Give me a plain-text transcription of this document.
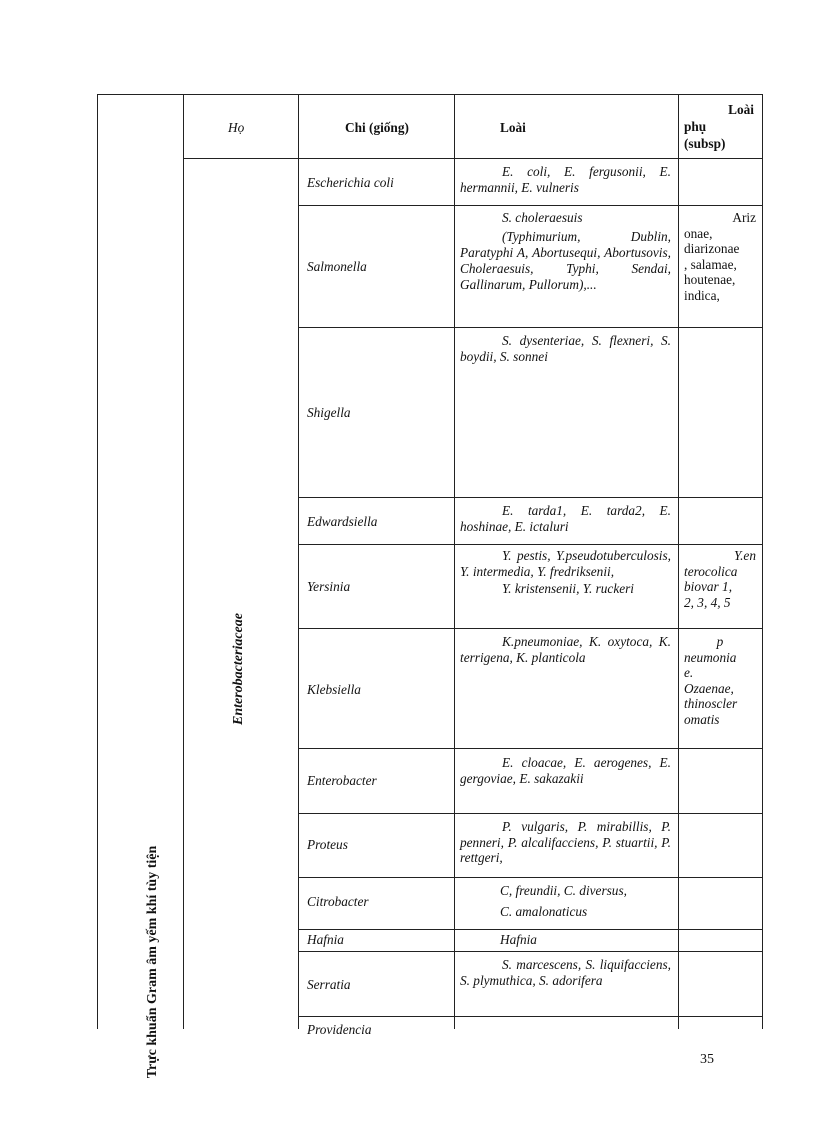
Họ	Chi (giống)	Loài

Loài

phụ

(subsp)

Trực khuẩn Gram âm yếm khí tùy tiện
Enterobacteriaceae
Escherichia coli
Salmonella
Shigella
Edwardsiella
Yersinia
Klebsiella
Enterobacter
Proteus
Citrobacter
Hafnia
Serratia
Providencia

E. coli, E. fergusonii, E. hermannii, E. vulneris

S. choleraesuis

(Typhimurium, Dublin, Paratyphi A, Abortusequi, Abortusovis, Choleraesuis, Typhi, Sendai, Gallinarum, Pullorum),...

S. dysenteriae, S. flexneri, S. boydii, S. sonnei

E. tarda1, E. tarda2, E. hoshinae, E. ictaluri

Y. pestis, Y.pseudotuberculosis, Y. intermedia, Y. fredriksenii,

Y. kristensenii, Y. ruckeri

K.pneumoniae, K. oxytoca, K. terrigena, K. planticola

E. cloacae, E. aerogenes, E. gergoviae, E. sakazakii

P. vulgaris, P. mirabillis, P. penneri, P. alcalifacciens, P. stuartii, P. rettgeri,

C, freundii, C. diversus,

C. amalonaticus

Hafnia

S. marcescens, S. liquifacciens, S. plymuthica, S. adorifera

Ariz

onae,

diarizonae

, salamae,

houtenae,

indica,

Y.en

terocolica

biovar 1,

2, 3, 4, 5

p

neumonia

e.

Ozaenae,

thinoscler

omatis

35
